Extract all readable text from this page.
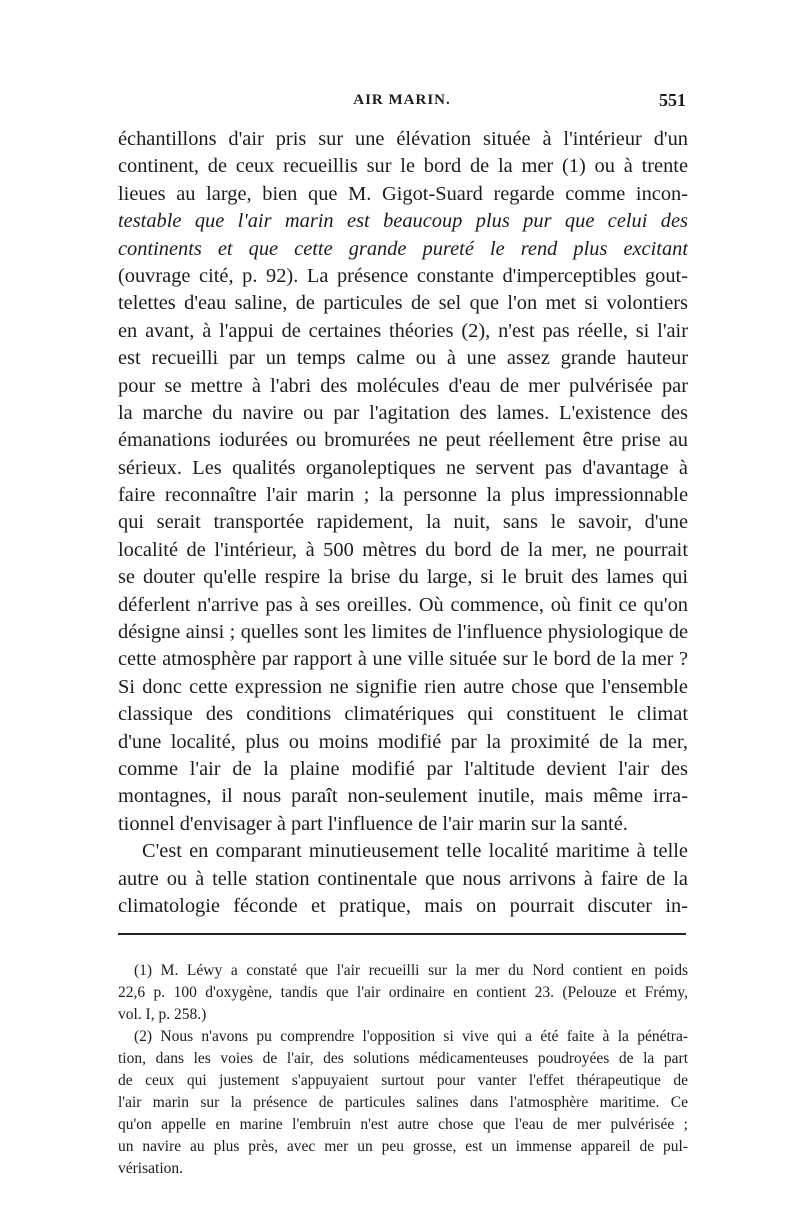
AIR MARIN.	551
échantillons d'air pris sur une élévation située à l'intérieur d'un
continent, de ceux recueillis sur le bord de la mer (1) ou à trente
lieues au large, bien que M. Gigot-Suard regarde comme incon-
testable que l'air marin est beaucoup plus pur que celui des
continents et que cette grande pureté le rend plus excitant
(ouvrage cité, p. 92). La présence constante d'imperceptibles gout-
telettes d'eau saline, de particules de sel que l'on met si volontiers
en avant, à l'appui de certaines théories (2), n'est pas réelle, si l'air
est recueilli par un temps calme ou à une assez grande hauteur
pour se mettre à l'abri des molécules d'eau de mer pulvérisée par
la marche du navire ou par l'agitation des lames. L'existence des
émanations iodurées ou bromurées ne peut réellement être prise au
sérieux. Les qualités organoleptiques ne servent pas d'avantage à
faire reconnaître l'air marin ; la personne la plus impressionnable
qui serait transportée rapidement, la nuit, sans le savoir, d'une
localité de l'intérieur, à 500 mètres du bord de la mer, ne pourrait
se douter qu'elle respire la brise du large, si le bruit des lames qui
déferlent n'arrive pas à ses oreilles. Où commence, où finit ce qu'on
désigne ainsi ; quelles sont les limites de l'influence physiologique de
cette atmosphère par rapport à une ville située sur le bord de la mer ?
Si donc cette expression ne signifie rien autre chose que l'ensemble
classique des conditions climatériques qui constituent le climat
d'une localité, plus ou moins modifié par la proximité de la mer,
comme l'air de la plaine modifié par l'altitude devient l'air des
montagnes, il nous paraît non-seulement inutile, mais même irra-
tionnel d'envisager à part l'influence de l'air marin sur la santé.
C'est en comparant minutieusement telle localité maritime à telle
autre ou à telle station continentale que nous arrivons à faire de la
climatologie féconde et pratique, mais on pourrait discuter in-
(1) M. Léwy a constaté que l'air recueilli sur la mer du Nord contient en poids
22,6 p. 100 d'oxygène, tandis que l'air ordinaire en contient 23. (Pelouze et Frémy,
vol. I, p. 258.)
(2) Nous n'avons pu comprendre l'opposition si vive qui a été faite à la pénétra-
tion, dans les voies de l'air, des solutions médicamenteuses poudroyées de la part
de ceux qui justement s'appuyaient surtout pour vanter l'effet thérapeutique de
l'air marin sur la présence de particules salines dans l'atmosphère maritime. Ce
qu'on appelle en marine l'embruin n'est autre chose que l'eau de mer pulvérisée ;
un navire au plus près, avec mer un peu grosse, est un immense appareil de pul-
vérisation.
